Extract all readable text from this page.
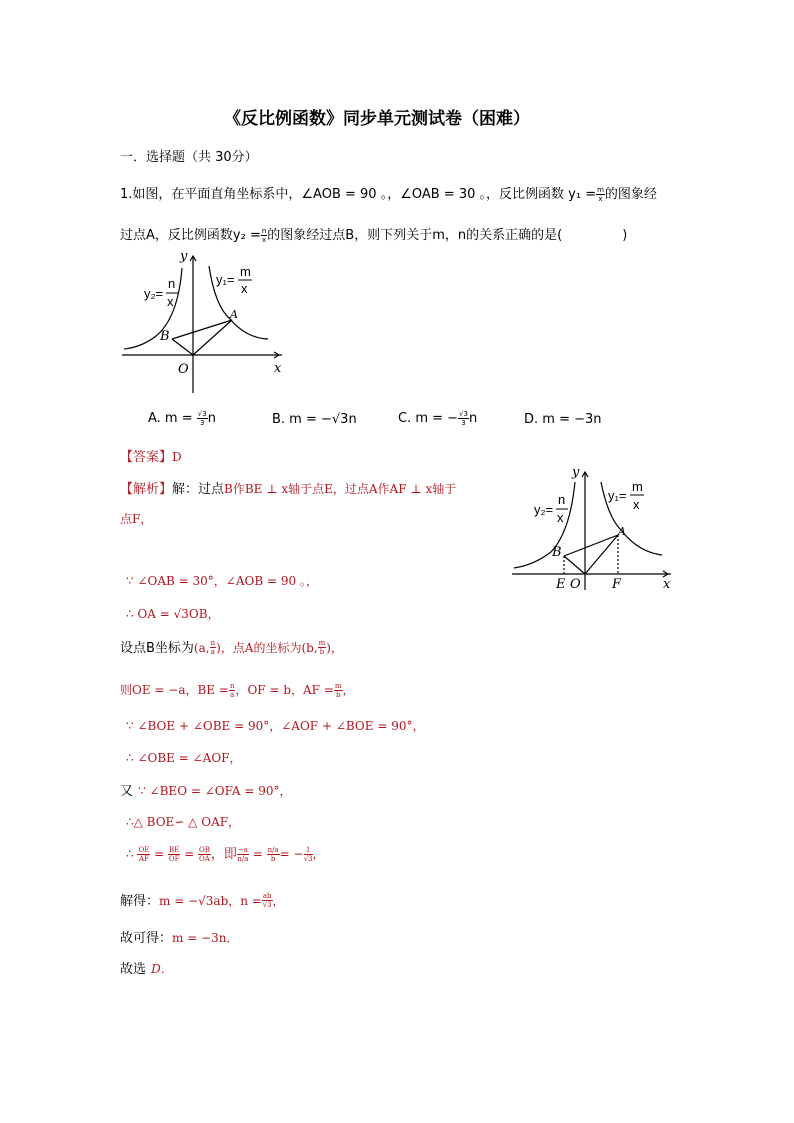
《反比例函数》同步单元测试卷（困难）
一．选择题（共 30分）
1.如图，在平面直角坐标系中，∠AOB = 90 。，∠OAB = 30 。，反比例函数 $y_1 = \frac{m}{x}$ 的图象经
过点A，反比例函数$y_2 = \frac{n}{x}$ 的图象经过点B，则下列关于m，n的关系正确的是(	)
y
x
O
A
B
y₁=
m
x
y₂=
n
x
A. $m = \frac{√3}{3}$ n	B. m = −√3n	C. m = − $\frac{√3}{3}$ n	D. m = −3n
【答案】D
【解析】解：过点B作BE ⊥ x轴于点E，过点A作AF ⊥ x轴于
点F，
y
x
O
E	F
A
B
y₁=
m
x
y₂=
n
x
∵ ∠OAB = 30°，∠AOB = 90 。，
∴ OA = √3OB，
设点B坐标为(a, $\frac{n}{a}$ )，点A的坐标为(b, $\frac{m}{b}$ )，
则OE = −a，BE = $\frac{n}{a}$ ，OF = b，AF = $\frac{m}{b}$ ，
∵ ∠BOE + ∠OBE = 90°，∠AOF + ∠BOE = 90°，
∴ ∠OBE = ∠AOF，
又 ∵ ∠BEO = ∠OFA = 90°，
∴△ BOE∽ △ OAF，
∴ $\frac{OE}{AF} = \frac{BE}{OF} = \frac{OB}{OA}$ ，即 $\frac{-a}{n/a} = \frac{n/a}{b}$ = − $\frac{1}{√3}$ ，
解得：m = −√3ab，$n = \frac{ab}{√3}$ ，
故可得：m = −3n．
故选 D．
